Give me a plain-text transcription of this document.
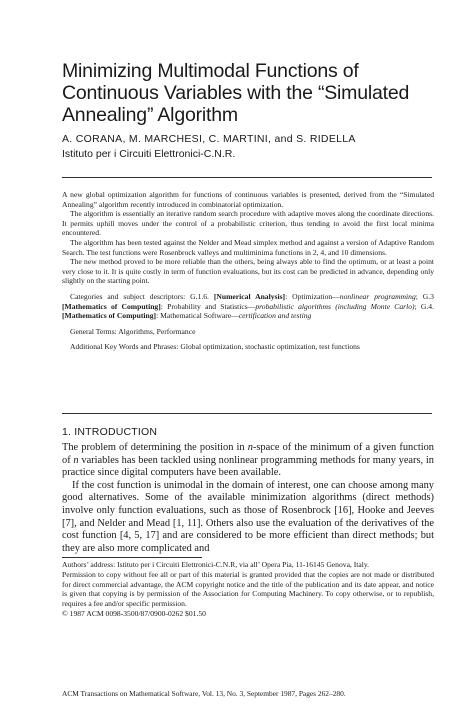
Minimizing Multimodal Functions of Continuous Variables with the “Simulated Annealing” Algorithm
A. CORANA, M. MARCHESI, C. MARTINI, and S. RIDELLA
Istituto per i Circuiti Elettronici-C.N.R.

A new global optimization algorithm for functions of continuous variables is presented, derived from the “Simulated Annealing” algorithm recently introduced in combinatorial optimization.

The algorithm is essentially an iterative random search procedure with adaptive moves along the coordinate directions. It permits uphill moves under the control of a probabilistic criterion, thus tending to avoid the first local minima encountered.

The algorithm has been tested against the Nelder and Mead simplex method and against a version of Adaptive Random Search. The test functions were Rosenbrock valleys and multiminima functions in 2, 4, and 10 dimensions.

The new method proved to be more reliable than the others, being always able to find the optimum, or at least a point very close to it. It is quite costly in term of function evaluations, but its cost can be predicted in advance, depending only slightly on the starting point.

Categories and subject descriptors: G.1.6. [Numerical Analysis]: Optimization—nonlinear programming; G.3 [Mathematics of Computing]: Probability and Statistics—probabilistic algorithms (including Monte Carlo); G.4. [Mathematics of Computing]: Mathematical Software—certification and testing

General Terms: Algorithms, Performance

Additional Key Words and Phrases: Global optimization, stochastic optimization, test functions

1. INTRODUCTION

The problem of determining the position in n-space of the minimum of a given function of n variables has been tackled using nonlinear programming methods for many years, in practice since digital computers have been available.

If the cost function is unimodal in the domain of interest, one can choose among many good alternatives. Some of the available minimization algorithms (direct methods) involve only function evaluations, such as those of Rosenbrock [16], Hooke and Jeeves [7], and Nelder and Mead [1, 11]. Others also use the evaluation of the derivatives of the cost function [4, 5, 17] and are considered to be more efficient than direct methods; but they are also more complicated and

Authors’ address: Istituto per i Circuiti Elettronici-C.N.R, via all’ Opera Pia, 11-16145 Genova, Italy.

Permission to copy without fee all or part of this material is granted provided that the copies are not made or distributed for direct commercial advantage, the ACM copyright notice and the title of the publication and its date appear, and notice is given that copying is by permission of the Association for Computing Machinery. To copy otherwise, or to republish, requires a fee and/or specific permission.

© 1987 ACM 0098-3500/87/0900-0262 $01.50

ACM Transactions on Mathematical Software, Vol. 13, No. 3, September 1987, Pages 262–280.
